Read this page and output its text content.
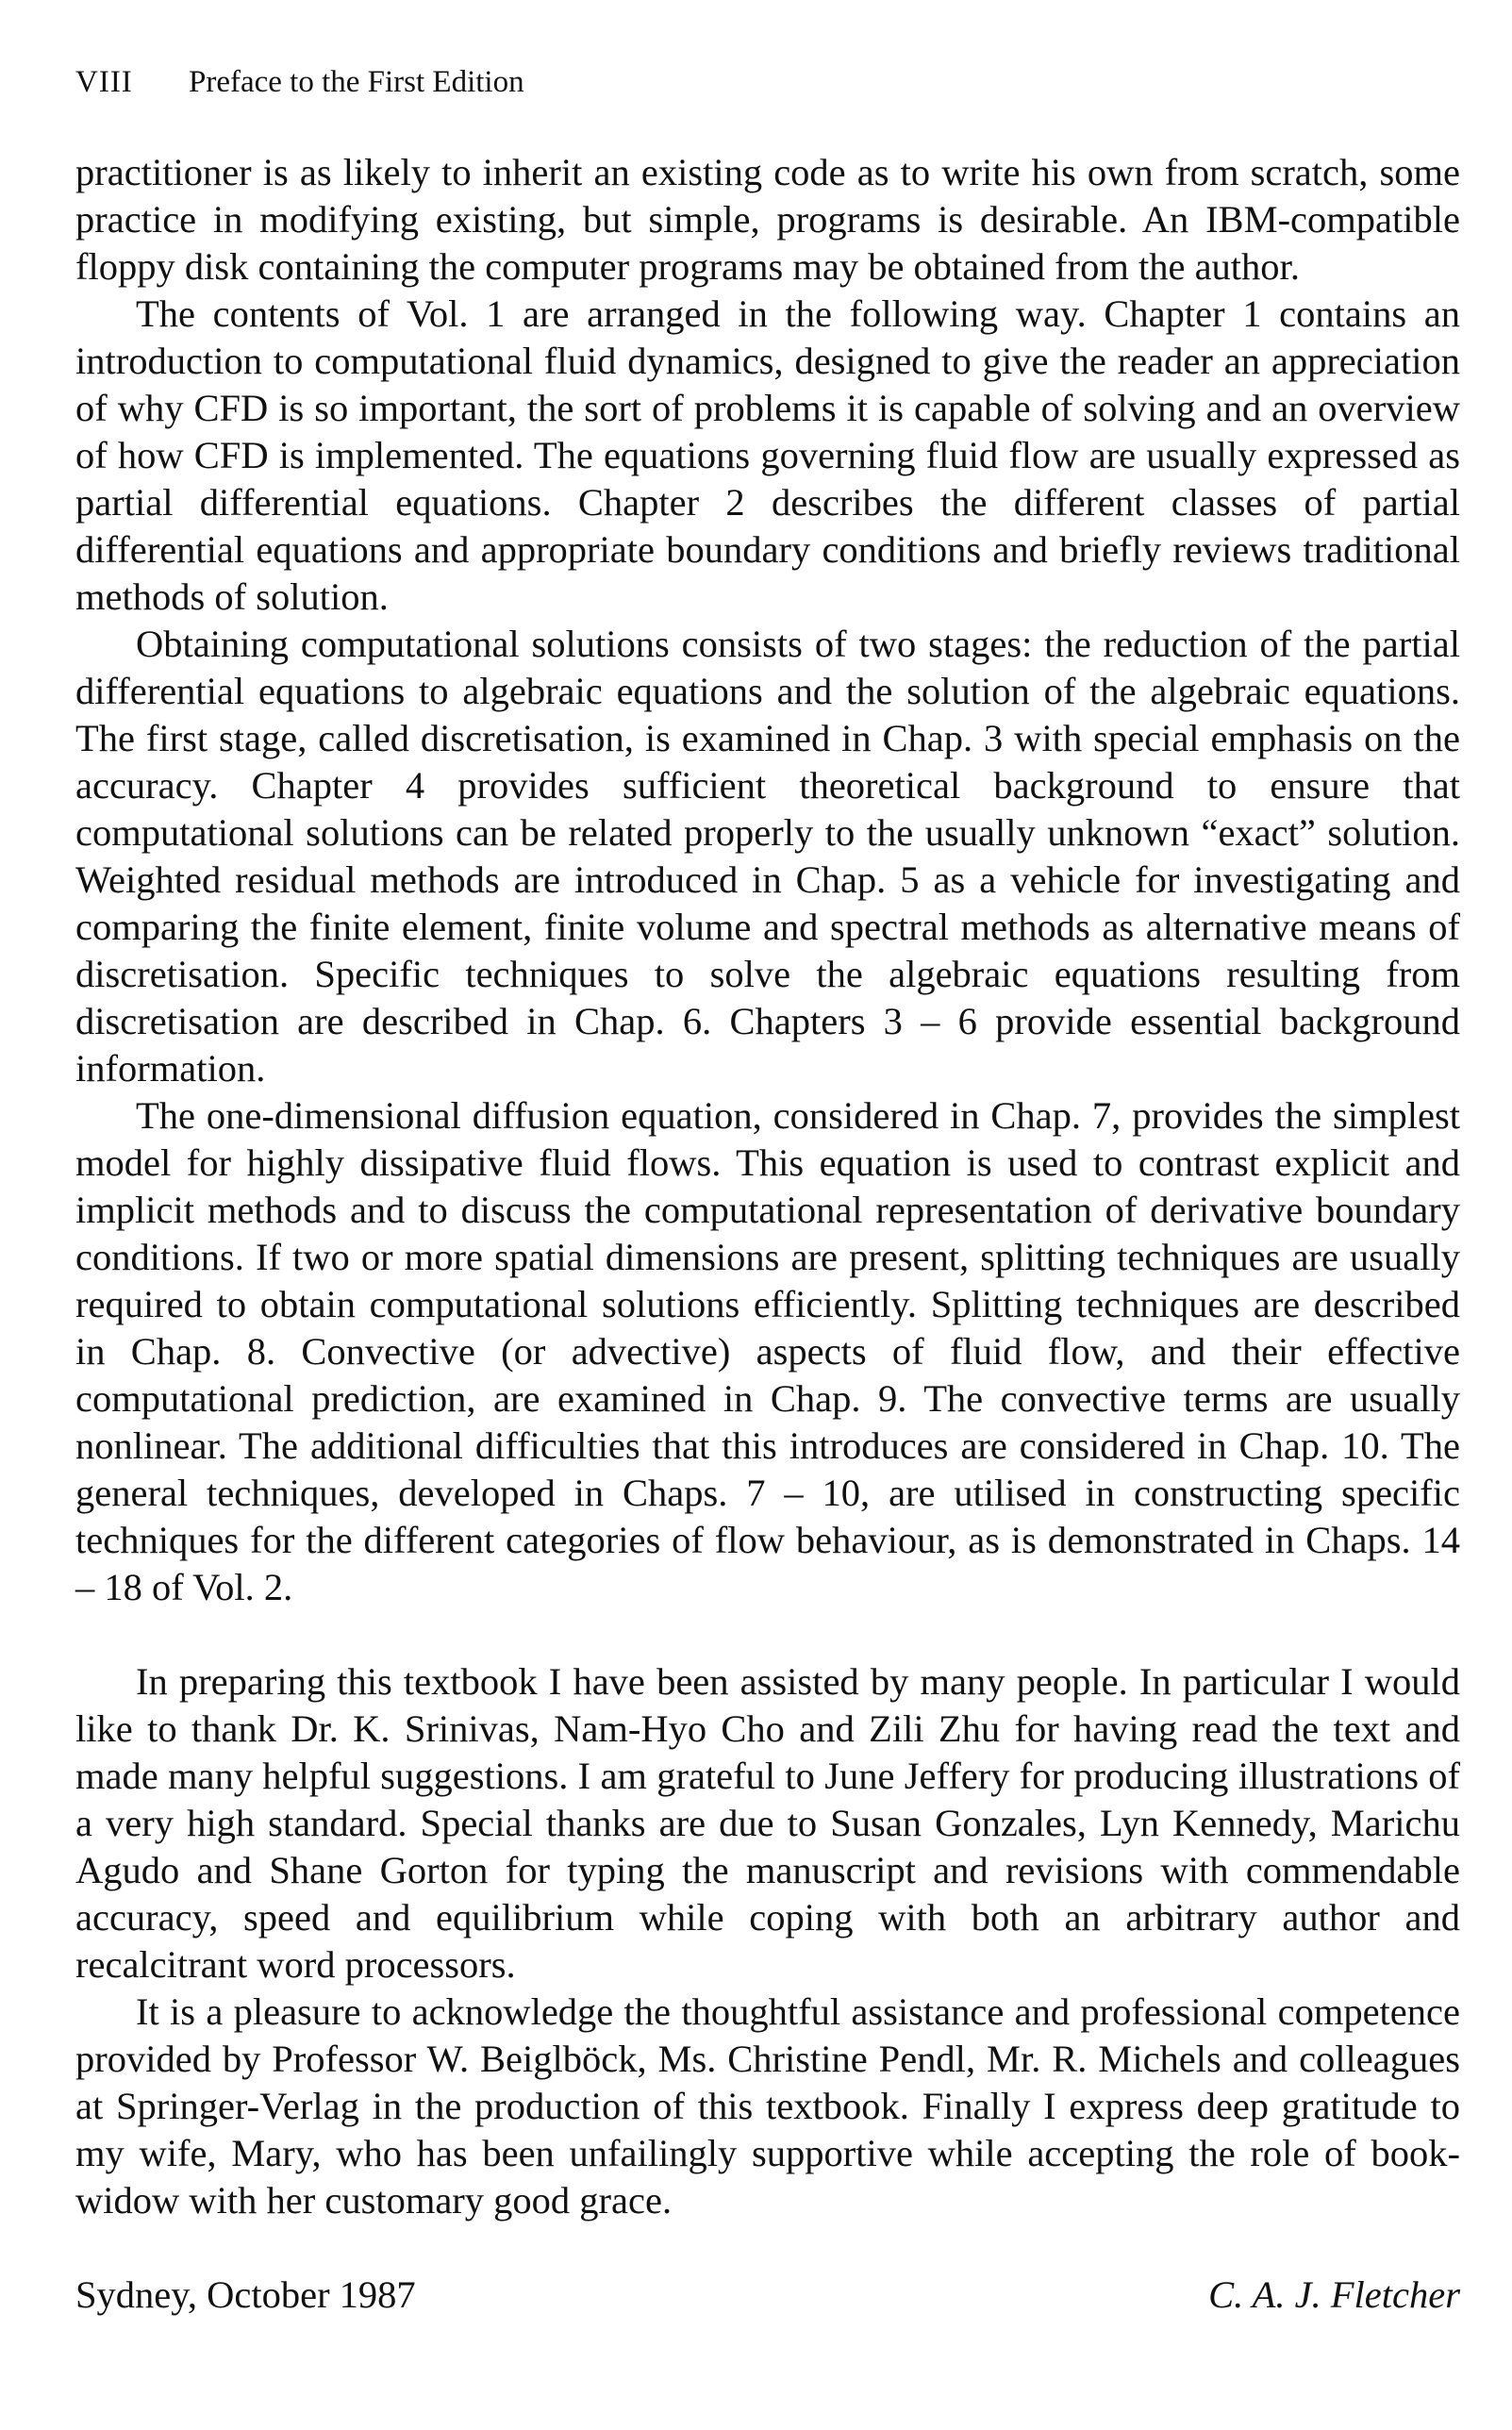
VIII Preface to the First Edition

practitioner is as likely to inherit an existing code as to write his own from scratch, some practice in modifying existing, but simple, programs is desirable. An IBM-compatible floppy disk containing the computer programs may be obtained from the author.

The contents of Vol. 1 are arranged in the following way. Chapter 1 contains an introduction to computational fluid dynamics, designed to give the reader an appreciation of why CFD is so important, the sort of problems it is capable of solving and an overview of how CFD is implemented. The equations governing fluid flow are usually expressed as partial differential equations. Chapter 2 describes the different classes of partial differential equations and appropriate boundary conditions and briefly reviews traditional methods of solution.

Obtaining computational solutions consists of two stages: the reduction of the partial differential equations to algebraic equations and the solution of the algebraic equations. The first stage, called discretisation, is examined in Chap. 3 with special emphasis on the accuracy. Chapter 4 provides sufficient theoretical background to ensure that computational solutions can be related properly to the usually unknown “exact” solution. Weighted residual methods are introduced in Chap. 5 as a vehicle for investigating and comparing the finite element, finite volume and spectral methods as alternative means of discretisation. Specific techniques to solve the algebraic equations resulting from discretisation are described in Chap. 6. Chapters 3 – 6 provide essential background information.

The one-dimensional diffusion equation, considered in Chap. 7, provides the simplest model for highly dissipative fluid flows. This equation is used to contrast explicit and implicit methods and to discuss the computational representation of derivative boundary conditions. If two or more spatial dimensions are present, splitting techniques are usually required to obtain computational solutions efficiently. Splitting techniques are described in Chap. 8. Convective (or advective) aspects of fluid flow, and their effective computational prediction, are examined in Chap. 9. The convective terms are usually nonlinear. The additional difficulties that this introduces are considered in Chap. 10. The general techniques, developed in Chaps. 7 – 10, are utilised in constructing specific techniques for the different categories of flow behaviour, as is demonstrated in Chaps. 14 – 18 of Vol. 2.

In preparing this textbook I have been assisted by many people. In particular I would like to thank Dr. K. Srinivas, Nam-Hyo Cho and Zili Zhu for having read the text and made many helpful suggestions. I am grateful to June Jeffery for producing illustrations of a very high standard. Special thanks are due to Susan Gonzales, Lyn Kennedy, Marichu Agudo and Shane Gorton for typing the manuscript and revisions with commendable accuracy, speed and equilibrium while coping with both an arbitrary author and recalcitrant word processors.

It is a pleasure to acknowledge the thoughtful assistance and professional competence provided by Professor W. Beiglböck, Ms. Christine Pendl, Mr. R. Michels and colleagues at Springer-Verlag in the production of this textbook. Finally I express deep gratitude to my wife, Mary, who has been unfailingly supportive while accepting the role of book-widow with her customary good grace.

Sydney, October 1987	C. A. J. Fletcher
